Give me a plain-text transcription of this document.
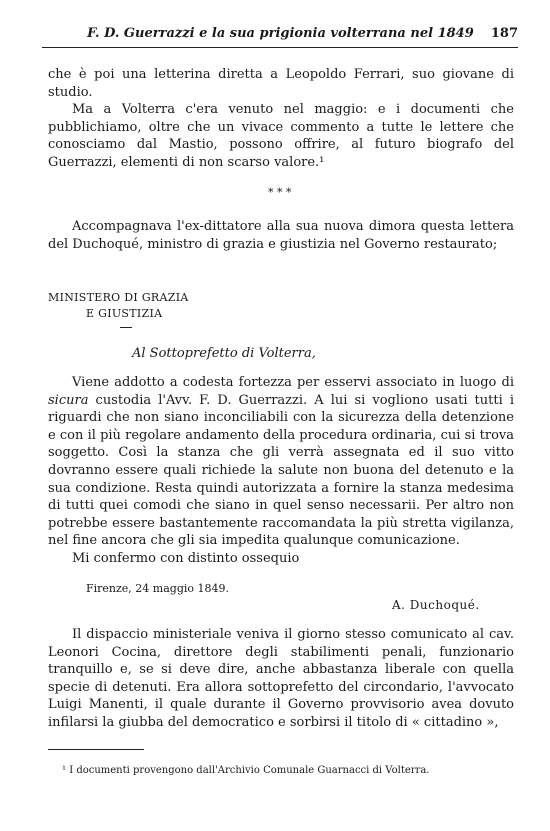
F. D. Guerrazzi e la sua prigionia volterrana nel 1849	187

che è poi una letterina diretta a Leopoldo Ferrari, suo giovane di studio.

Ma a Volterra c'era venuto nel maggio: e i documenti che pubblichiamo, oltre che un vivace commento a tutte le lettere che conosciamo dal Mastio, possono offrire, al futuro biografo del Guerrazzi, elementi di non scarso valore.¹

* * *

Accompagnava l'ex-dittatore alla sua nuova dimora questa lettera del Duchoqué, ministro di grazia e giustizia nel Governo restaurato;

MINISTERO DI GRAZIA
E GIUSTIZIA
Al Sottoprefetto di Volterra,

Viene addotto a codesta fortezza per esservi associato in luogo di sicura custodia l'Avv. F. D. Guerrazzi. A lui si vogliono usati tutti i riguardi che non siano inconciliabili con la sicurezza della detenzione e con il più regolare andamento della procedura ordinaria, cui si trova soggetto. Così la stanza che gli verrà assegnata ed il suo vitto dovranno essere quali richiede la salute non buona del detenuto e la sua condizione. Resta quindi autorizzata a fornire la stanza medesima di tutti quei comodi che siano in quel senso necessarii. Per altro non potrebbe essere bastantemente raccomandata la più stretta vigilanza, nel fine ancora che gli sia impedita qualunque comunicazione.

Mi confermo con distinto ossequio

Firenze, 24 maggio 1849.
A. Duchoqué.

Il dispaccio ministeriale veniva il giorno stesso comunicato al cav. Leonori Cocina, direttore degli stabilimenti penali, funzionario tranquillo e, se si deve dire, anche abbastanza liberale con quella specie di detenuti. Era allora sottoprefetto del circondario, l'avvocato Luigi Manenti, il quale durante il Governo provvisorio avea dovuto infilarsi la giubba del democratico e sorbirsi il titolo di « cittadino »,

¹ I documenti provengono dall'Archivio Comunale Guarnacci di Volterra.
